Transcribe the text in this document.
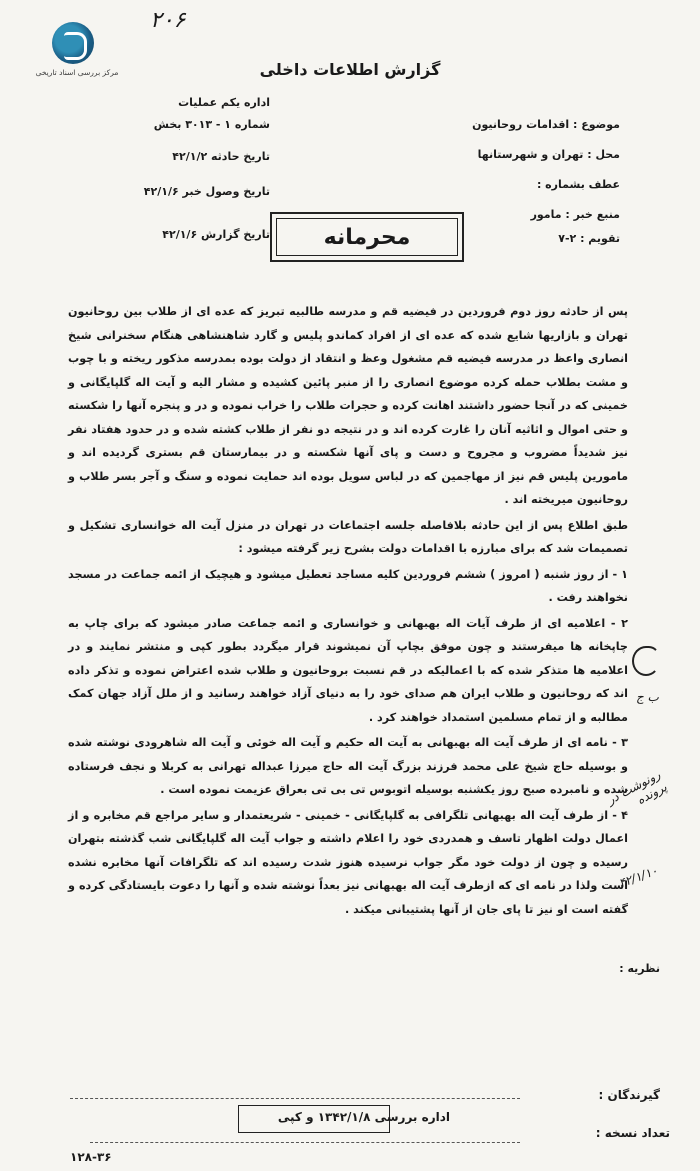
مرکز بررسی اسناد تاریخی
۲۰۶
گزارش اطلاعات داخلی
موضوع : اقدامات روحانیون
محل : تهران و شهرستانها
عطف بشماره :
منبع خبر : مامور
تقویم : ۲-۷
اداره یکم عملیات
شماره ۱ - ۳۰۱۳ بخش
تاریخ حادثه ۴۲/۱/۲
تاریخ وصول خبر ۴۲/۱/۶
تاریخ گزارش ۴۲/۱/۶	محرمانه

پس از حادثه روز دوم فروردین در فیضیه قم و مدرسه طالبیه تبریز که عده ای از طلاب بین روحانیون تهران و بازاریها شایع شده که عده ای از افراد کماندو پلیس و گارد شاهنشاهی هنگام سخنرانی شیخ انصاری واعظ در مدرسه فیضیه قم مشغول وعظ و انتقاد از دولت بوده بمدرسه مذکور ریخته و با چوب و مشت بطلاب حمله کرده موضوع انصاری را از منبر پائین کشیده و مشار الیه و آیت اله گلپایگانی و خمینی که در آنجا حضور داشتند اهانت کرده و حجرات طلاب را خراب نموده و در و پنجره آنها را شکسته و حتی اموال و اثاثیه آنان را غارت کرده اند و در نتیجه دو نفر از طلاب کشته شده و در حدود هفتاد نفر نیز شدیداً مضروب و مجروح و دست و پای آنها شکسته و در بیمارستان قم بستری گردیده اند و مامورین پلیس قم نیز از مهاجمین که در لباس سویل بوده اند حمایت نموده و سنگ و آجر بسر طلاب و روحانیون میریخته اند .

طبق اطلاع پس از این حادثه بلافاصله جلسه اجتماعات در تهران در منزل آیت اله خوانساری تشکیل و تصمیمات شد که برای مبارزه با اقدامات دولت بشرح زیر گرفته میشود :

۱ - از روز شنبه ( امروز ) ششم فروردین کلیه مساجد تعطیل میشود و هیچیک از ائمه جماعت در مسجد نخواهند رفت .

۲ - اعلامیه ای از طرف آیات اله بهبهانی و خوانساری و ائمه جماعت صادر میشود که برای چاپ به چاپخانه ها میفرستند و چون موفق بچاپ آن نمیشوند قرار میگردد بطور کپی و منتشر نمایند و در اعلامیه ها متذکر شده که با اعمالیکه در قم نسبت بروحانیون و طلاب شده اعتراض نموده و تذکر داده اند که روحانیون و طلاب ایران هم صدای خود را به دنیای آزاد خواهند رسانید و از ملل آزاد جهان کمک مطالبه و از تمام مسلمین استمداد خواهند کرد .

۳ - نامه ای از طرف آیت اله بهبهانی به آیت اله حکیم و آیت اله خوئی و آیت اله شاهرودی نوشته شده و بوسیله حاج شیخ علی محمد فرزند بزرگ آیت اله حاج میرزا عبداله تهرانی به کربلا و نجف فرستاده شده و نامبرده صبح روز یکشنبه بوسیله اتوبوس تی بی تی بعراق عزیمت نموده است .

۴ - از طرف آیت اله بهبهانی تلگرافی به گلپایگانی - خمینی - شریعتمدار و سایر مراجع قم مخابره و از اعمال دولت اظهار تاسف و همدردی خود را اعلام داشته و جواب آیت اله گلپایگانی شب گذشته بتهران رسیده و چون از دولت خود مگر جواب نرسیده هنوز شدت رسیده اند که تلگرافات آنها مخابره نشده است ولذا در نامه ای که ازطرف آیت اله بهبهانی نیز بعداً نوشته شده و آنها را دعوت بایستادگی کرده و گفته است او نیز تا پای جان از آنها پشتیبانی میکند .

ب ج
رونوشت در پرونده
۴۲/۱/۱۰
نظریه :
اداره بررسی ۱۳۴۲/۱/۸ و کپی
گیرندگان :
تعداد نسخه :
۱۲۸-۳۶
